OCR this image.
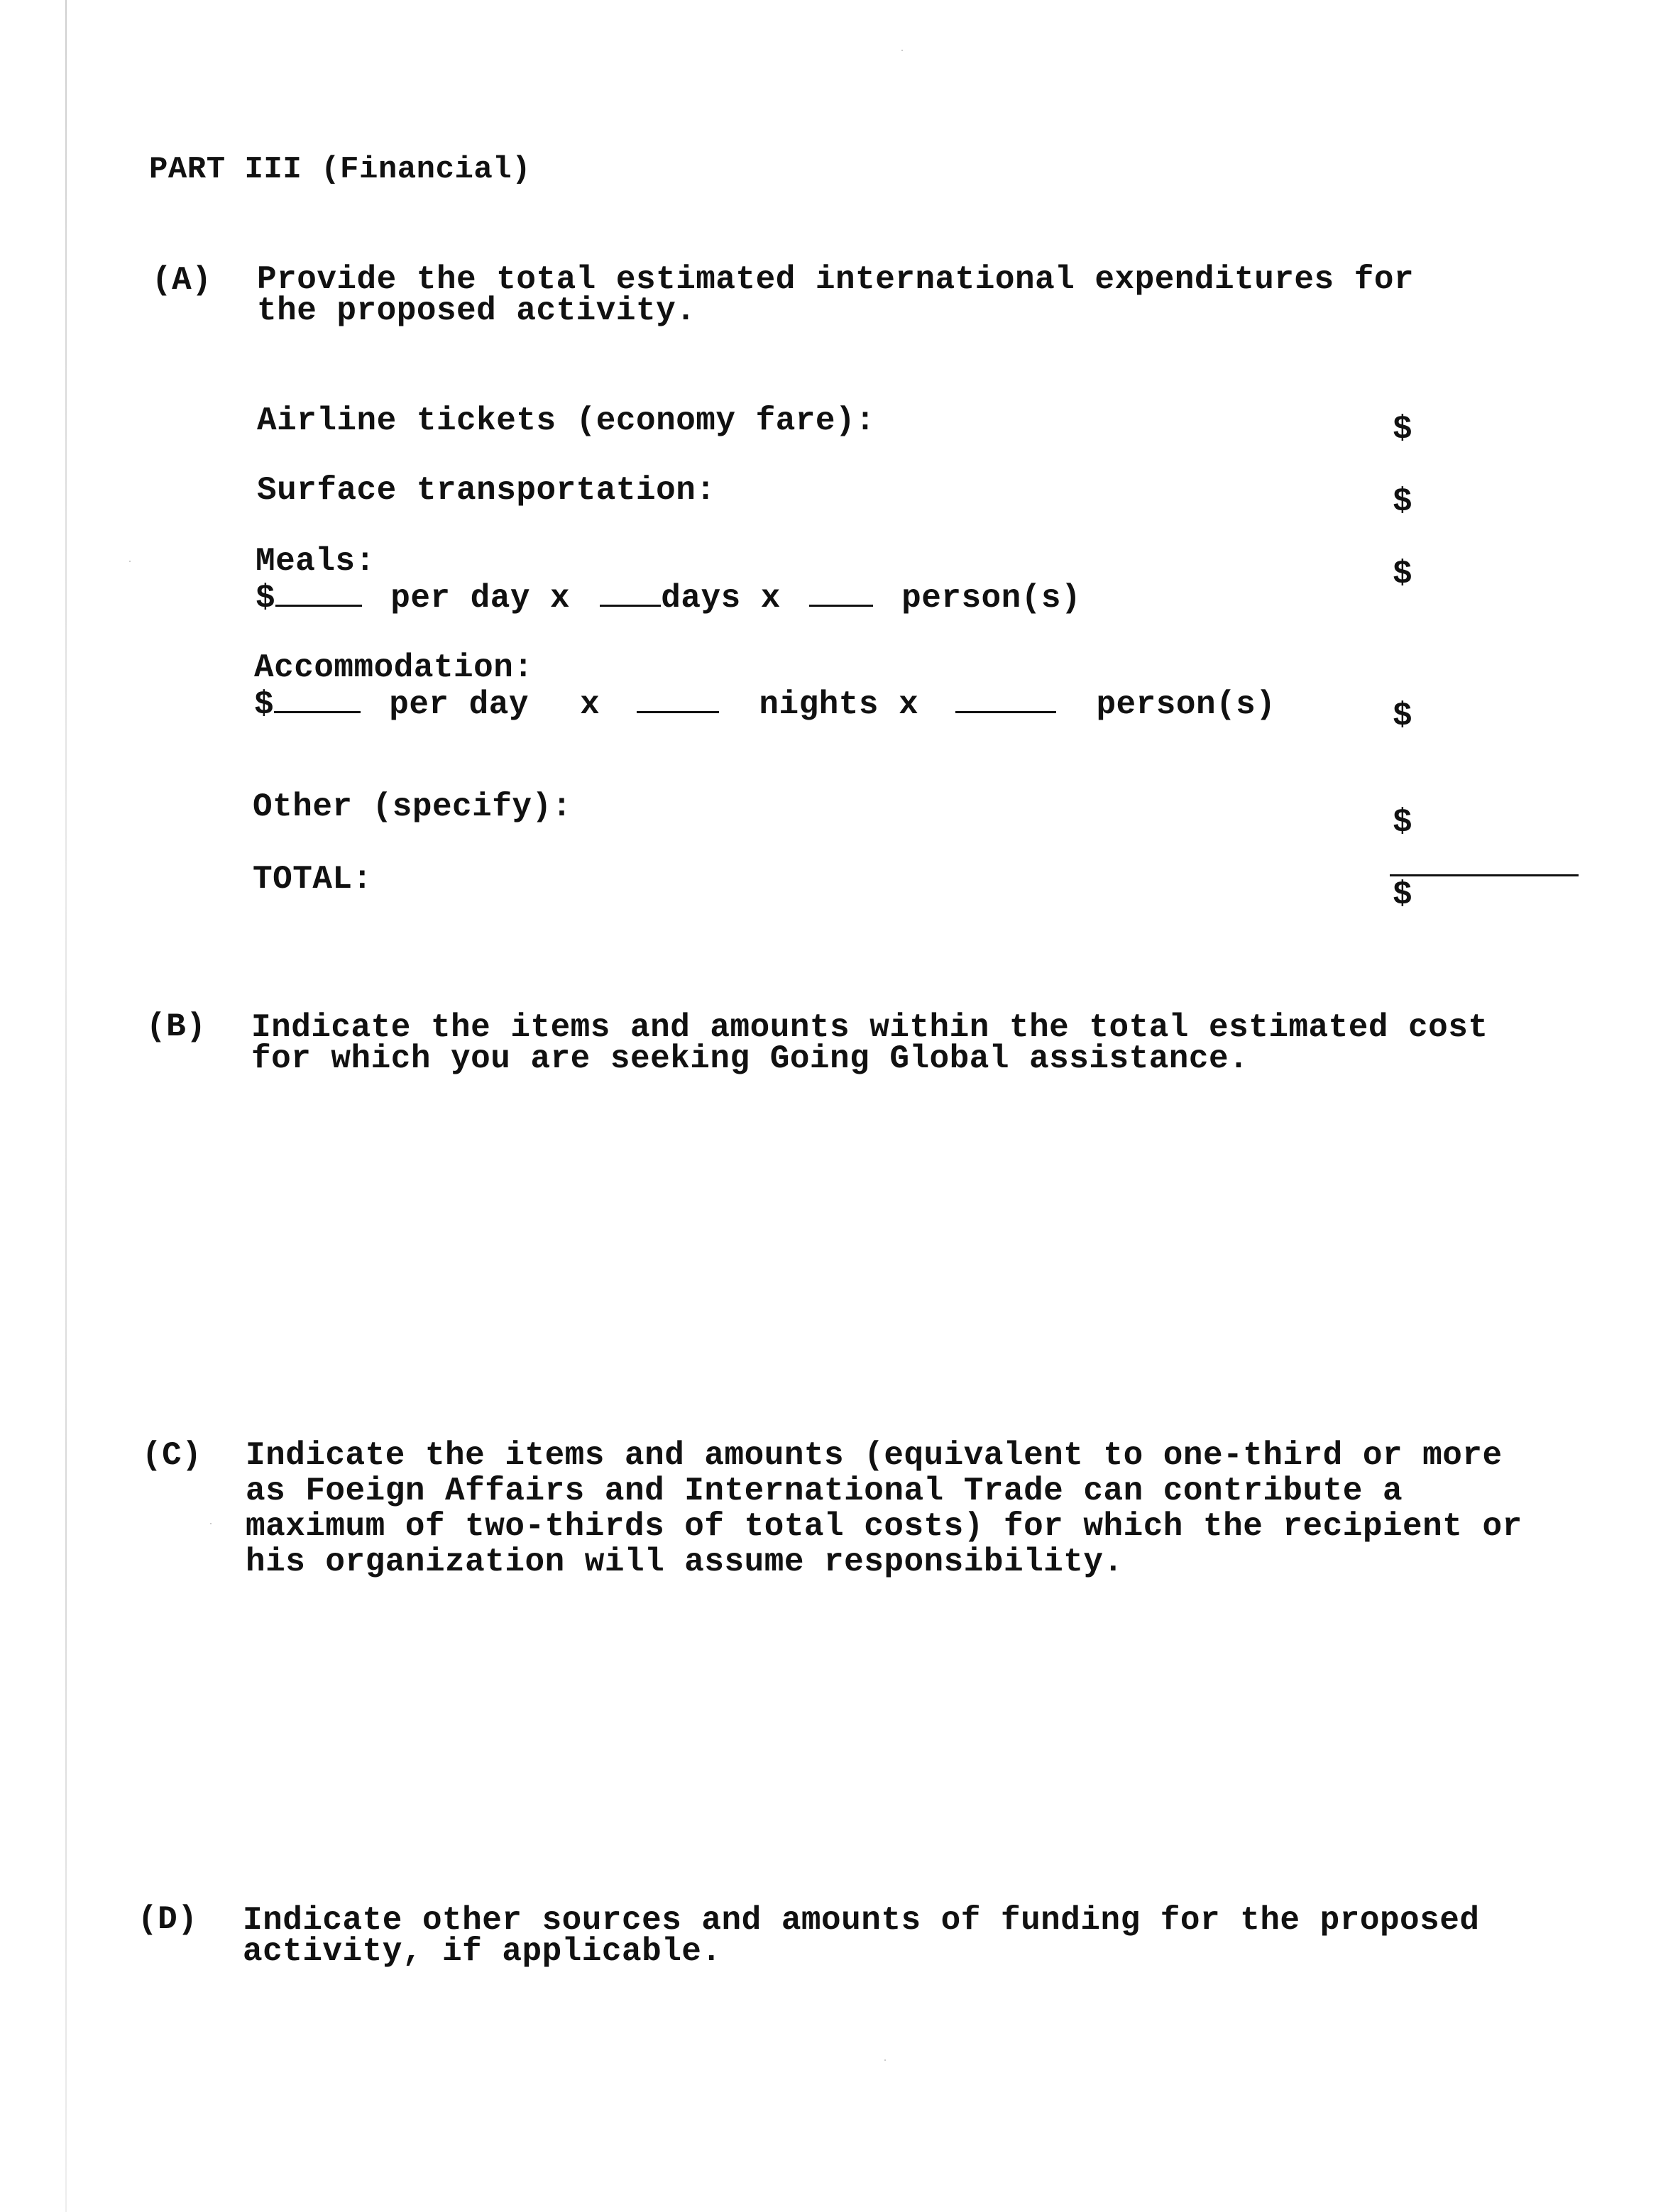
PART III (Financial)
(A) Provide the total estimated international expenditures for
the proposed activity.
Airline tickets (economy fare):	$
Surface transportation:	$
Meals:	$
$	per day x	days x	person(s)
Accommodation:
$	per day x	nights x	person(s)	$
Other (specify):	$
TOTAL:	$
(B) Indicate the items and amounts within the total estimated cost
for which you are seeking Going Global assistance.
(C) Indicate the items and amounts (equivalent to one-third or more
as Foeign Affairs and International Trade can contribute a
maximum of two-thirds of total costs) for which the recipient or
his organization will assume responsibility.
(D) Indicate other sources and amounts of funding for the proposed
activity, if applicable.
